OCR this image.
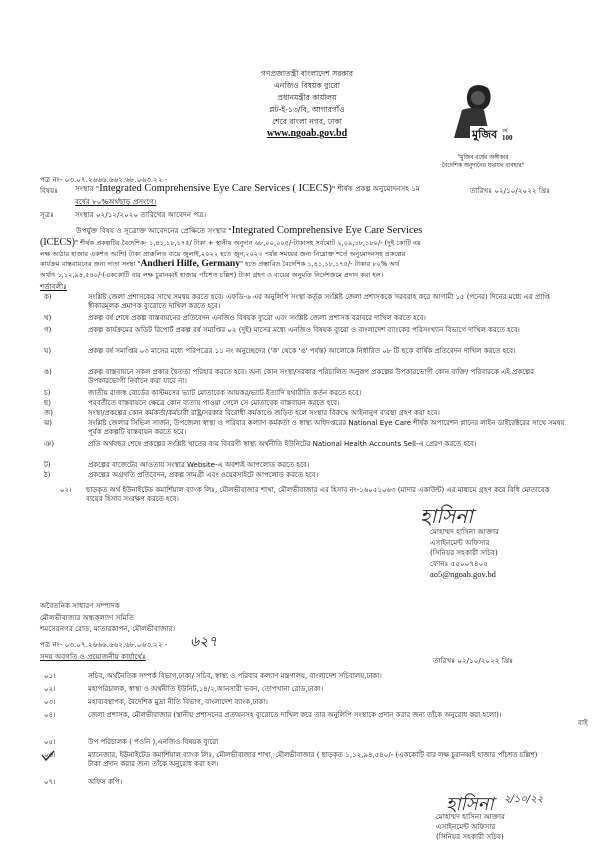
গণপ্রজাতন্ত্রী বাংলাদেশ সরকার
এনজিও বিষয়ক ব্যুরো
প্রধানমন্ত্রীর কার্যালয়
প্লট-ই-১৩/বি, আগারগাঁও
শেরে বাংলা নগর, ঢাকা
www.ngoab.gov.bd	মুজিব বর্ষ
100
"মুজিব বর্ষের অঙ্গীকার
বৈদেশিক অনুদানের যথাযথ ব্যবহার"
পত্র নং- ০৩.০৭.২৬৬৬.৬৬২.৬৮.০৬৩.২২ -
তারিখঃ ০২/১০/২০২২ খ্রিঃ
বিষয়ঃ সংস্থার "Integrated Comprehensive Eye Care Services ( ICECS)" শীর্ষক প্রকল্প অনুমোদনসহ ১ম
বর্ষের ৮০%অর্থছাড় প্রসংগে।
সূত্রঃ	সংস্থার ০২/১২/২০২০ তারিখের আবেদন পত্র।
উপর্যুক্ত বিষয় ও সূত্রোক্ত আবেদনের প্রেক্ষিতে সংস্থার "Integrated Comprehensive Eye Care Services
(ICECS)" শীর্ষক প্রকল্পটির বৈদেশিক- ১,৪১,১৮,১৭৫/ টাকা + স্থানীয় অনুদান ৬৮,০০,০০৫/-টাকাসহ সর্বমোট ২,০৯,১৮,১৮০/- (দুই কোটি নয়
লক্ষ আঠার হাজার একশত আশি) টাকা প্রাক্কলিত ব্যয়ে জুলাই,২০২২ হতে জুন,২০২৩ পর্যন্ত সময়ের জন্য নিম্নোক্ত শর্তে অনুমোদনসহ প্রকল্পের
কার্যক্রম বাস্তবায়নের জন্য দাতা সংস্থা "Andheri Hilfe, Germany" হতে প্রস্তাবিত বৈদেশিক ১,৪১,১৮,১৭৫/- টাকার ৮০% অর্থ
অর্থাৎ ১,১২,৯৪,৫৪০/-(এককোটি বার লক্ষ চুরানব্বই হাজার পাঁচশত চল্লিশ) টাকা গ্রহণ ও ব্যয়ের অনুমতি নির্দেশক্রমে প্রদান করা হল।
শর্তাবলীঃ
ক)	সংশ্লিষ্ট জেলা প্রশাসকের সাথে সমন্বয় করতে হবে। এফডি-৬ এর অনুলিপি সংস্থা কর্তৃক সংশ্লিষ্ট জেলা প্রশাসককে সরবরাহ করে আগামী ১৫ (পনের) দিনের মধ্যে এর প্রাপ্তি স্বীকারমূলক প্রমাণক ব্যুরোতে দাখিল করতে হবে।
খ)	প্রকল্প বর্ষ শেষে প্রকল্প বাস্তবায়নের প্রতিবেদন এনজিও বিষয়ক ব্যুরো এবং সংশ্লিষ্ট জেলা প্রশাসক বরাবরে দাখিল করতে হবে।
গ)	প্রকল্প কার্যক্রমের অডিট রিপোর্ট প্রকল্প বর্ষ সমাপ্তির ০২ (দুই) মাসের মধ্যে এনজিও বিষয়ক ব্যুরো ও বাংলাদেশ ব্যাংকের পরিসংখ্যান বিভাগে দাখিল করতে হবে।
ঘ)	প্রকল্প বর্ষ সমাপ্তির ০৩ মাসের মধ্যে পরিপত্রের ১১ নং অনুচ্ছেদের ('ক' থেকে 'ঙ' পর্যন্ত) আলোকে নির্ধারিত ০৮ টি ছকে বার্ষিক প্রতিবেদন দাখিল করতে হবে।
ঙ)	প্রকল্প বাস্তবায়নে সকল প্রকার দ্বৈততা পরিহার করতে হবে। অন্য কোন সংস্থা/সরকার পরিচালিত অনুরূপ প্রকল্পের উপকারভোগী কোন ব্যক্তি/ পরিবারকে এই প্রকল্পের উপকারভোগী নির্বাচন করা যাবে না।
চ)	জাতীয় রাজস্ব বোর্ডের কাস্টমসের ভ্যাট মোতাবেক আয়কর/ভ্যাট ইত্যাদি যথারীতি কর্তন করতে হবে।
ছ)	পরবর্তীতে বাস্তবায়নে ক্ষেত্রে কোন ব্যত্যয় পাওয়া গেলে সে মোতাবেক বাস্তবায়ন করতে হবে।
জ)	সংস্থা/প্রকল্পের কোন কর্মকর্তা/কর্মচারী রাষ্ট্র/সরকার বিরোধী কর্মকাণ্ডে জড়িত হলে সংস্থার বিরুদ্ধে আইনানুগ ব্যবস্থা গ্রহণ করা হবে।
ঝ)	সংশ্লিষ্ট জেলার সিভিল সার্জন, উপজেলা স্বাস্থ্য ও পরিবার কল্যাণ কর্মকর্তা ও স্বাস্থ্য অধিদপ্তরের National Eye Care শীর্ষক অপারেশন প্লানের লাইন ডাইরেক্টরের সাথে সমন্বয় পূর্বক প্রকল্পটি বাস্তবায়ন করতে হবে।
ঞ)	প্রতি অর্থবছর শেষে প্রকল্পের সংশ্লিষ্ট খাতের ব্যয় বিবরণী স্বাস্থ্য অর্থনীতি ইউনিটের National Health Accounts Sell-এ প্রেরণ করতে হবে।
ট)	প্রকল্পের বাজেটের আওতায় সংস্থার Website-এ অবশ্যই আপলোড করতে হবে।
ঠ)	প্রকল্পের অগ্রগতি প্রতিবেদন, প্রকল্প সামগ্রী এবং ওয়েবসাইটে আপলোড করতে হবে।
০২। ছাড়কৃত অর্থ ইউনাইটেড কমার্শিয়াল ব্যাংক লিঃ, মৌলভীবাজার শাখা, মৌলভীবাজার এর হিসাব নং-১৬০৫১০৬৩ (মাদার একাউন্ট) এর মাধ্যমে গ্রহণ করে বিধি মোতাবেক ব্যয়ের হিসাব সংরক্ষণ করতে হবে।
হাসিনা
মোহাম্মদ হাসিনা আক্তার
এসাইনমেন্ট অফিসার
(সিনিয়র সহকারী সচিব)
ফোনঃ ৫৫০০৭৪০৫
ao5@ngoab.gov.bd
অবৈতনিক সাধারণ সম্পাদক
মৌলভীবাজার অন্ধকল্যাণ সমিতি
শমসেরনগর রোড, মাতারকাপন, মৌলভীবাজার।
পত্র নং- ০৩.০৭.২৬৬৬.৬৬২.৬৮.০৬৩.২২ - ৬২৭
তারিখঃ ০২/১০/২০২২ খ্রিঃ
সদয় অবগতি ও প্রয়োজনীয় কার্যার্থেঃ
০১।	সচিব, অর্থনৈতিক সম্পর্ক বিভাগ,ঢাকা/ সচিব, স্বাস্থ্য ও পরিবার কল্যাণ মন্ত্রণালয়, বাংলাদেশ সচিবালয়,ঢাকা।
০২।	মহাপরিচালক, স্বাস্থ্য ও অর্থনীতি ইউনিট,১৪/২,আনসারী ভবন, তোপখানা রোড,ঢাকা।
০৩।	মহাব্যবস্থাপক, বৈদেশিক মুদ্রা নীতি বিভাগ, বাংলাদেশ ব্যাংক,ঢাকা।
০৪।	জেলা প্রশাসক, মৌলভীবাজার (স্থানীয় প্রশাসনের প্রত্যয়নসহ ব্যুরোতে দাখিল করে তার অনুলিপি সংস্থাকে প্রদান করার জন্য তাঁকে অনুরোধ করা হলো)।
০৫।	উপ পরিচালক ( পওনি ),এনজিও বিষয়ক ব্যুরো
০৬।	ম্যানেজার, ইউনাইটেড কমার্শিয়াল ব্যাংক লিঃ, মৌলভীবাজার শাখা, মৌলভীবাজার ( ছাড়কৃত ১,১২,৯৪,৫৪০/- (এককোটি বার লক্ষ চুরানব্বই হাজার পাঁচশত চল্লিশ) টাকা প্রদান করার জন্য তাঁকে অনুরোধ করা হল।
০৭।	অফিস কপি।
বাই
হাসিনা ২/১০/২২
মোহাম্মদ হাসিনা আক্তার
এসাইনমেন্ট অফিসার
(সিনিয়র সহকারী সচিব)
